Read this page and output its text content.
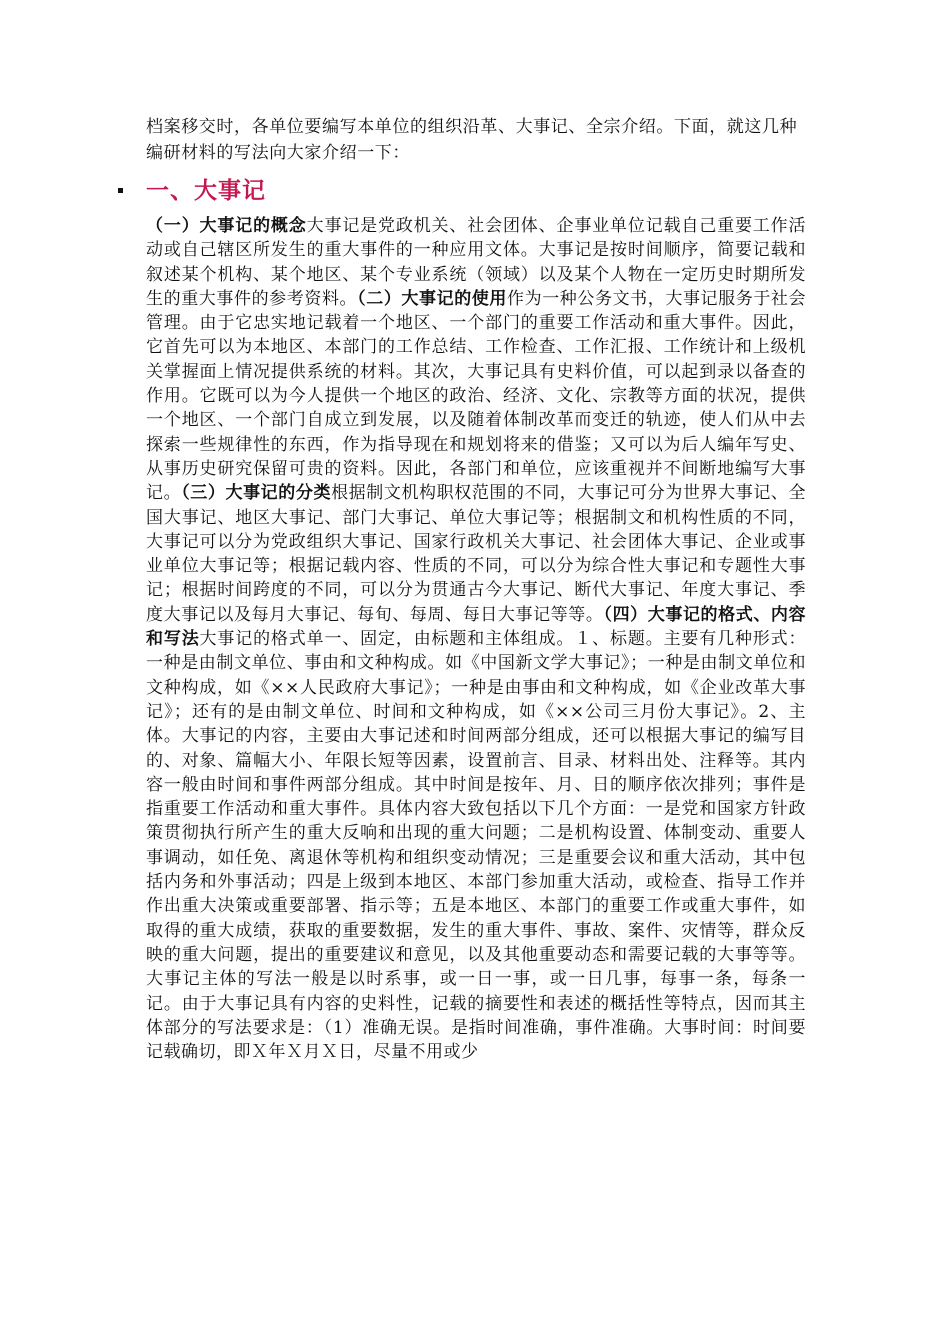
档案移交时，各单位要编写本单位的组织沿革、大事记、全宗介绍。下面，就这几种编研材料的写法向大家介绍一下：

一、大事记

（一）大事记的概念大事记是党政机关、社会团体、企事业单位记载自己重要工作活动或自己辖区所发生的重大事件的一种应用文体。大事记是按时间顺序，简要记载和叙述某个机构、某个地区、某个专业系统（领域）以及某个人物在一定历史时期所发生的重大事件的参考资料。（二）大事记的使用作为一种公务文书，大事记服务于社会管理。由于它忠实地记载着一个地区、一个部门的重要工作活动和重大事件。因此，它首先可以为本地区、本部门的工作总结、工作检查、工作汇报、工作统计和上级机关掌握面上情况提供系统的材料。其次，大事记具有史料价值，可以起到录以备查的作用。它既可以为今人提供一个地区的政治、经济、文化、宗教等方面的状况，提供一个地区、一个部门自成立到发展，以及随着体制改革而变迁的轨迹，使人们从中去探索一些规律性的东西，作为指导现在和规划将来的借鉴；又可以为后人编年写史、从事历史研究保留可贵的资料。因此，各部门和单位，应该重视并不间断地编写大事记。（三）大事记的分类根据制文机构职权范围的不同，大事记可分为世界大事记、全国大事记、地区大事记、部门大事记、单位大事记等；根据制文和机构性质的不同，大事记可以分为党政组织大事记、国家行政机关大事记、社会团体大事记、企业或事业单位大事记等；根据记载内容、性质的不同，可以分为综合性大事记和专题性大事记；根据时间跨度的不同，可以分为贯通古今大事记、断代大事记、年度大事记、季度大事记以及每月大事记、每旬、每周、每日大事记等等。（四）大事记的格式、内容和写法大事记的格式单一、固定，由标题和主体组成。１、标题。主要有几种形式：一种是由制文单位、事由和文种构成。如《中国新文学大事记》；一种是由制文单位和文种构成，如《××人民政府大事记》；一种是由事由和文种构成，如《企业改革大事记》；还有的是由制文单位、时间和文种构成，如《××公司三月份大事记》。2、主体。大事记的内容，主要由大事记述和时间两部分组成，还可以根据大事记的编写目的、对象、篇幅大小、年限长短等因素，设置前言、目录、材料出处、注释等。其内容一般由时间和事件两部分组成。其中时间是按年、月、日的顺序依次排列；事件是指重要工作活动和重大事件。具体内容大致包括以下几个方面：一是党和国家方针政策贯彻执行所产生的重大反响和出现的重大问题；二是机构设置、体制变动、重要人事调动，如任免、离退休等机构和组织变动情况；三是重要会议和重大活动，其中包括内务和外事活动；四是上级到本地区、本部门参加重大活动，或检查、指导工作并作出重大决策或重要部署、指示等；五是本地区、本部门的重要工作或重大事件，如取得的重大成绩，获取的重要数据，发生的重大事件、事故、案件、灾情等，群众反映的重大问题，提出的重要建议和意见，以及其他重要动态和需要记载的大事等等。大事记主体的写法一般是以时系事，或一日一事，或一日几事，每事一条，每条一记。由于大事记具有内容的史料性，记载的摘要性和表述的概括性等特点，因而其主体部分的写法要求是：（1）准确无误。是指时间准确，事件准确。大事时间：时间要记载确切，即Ｘ年Ｘ月Ｘ日，尽量不用或少
